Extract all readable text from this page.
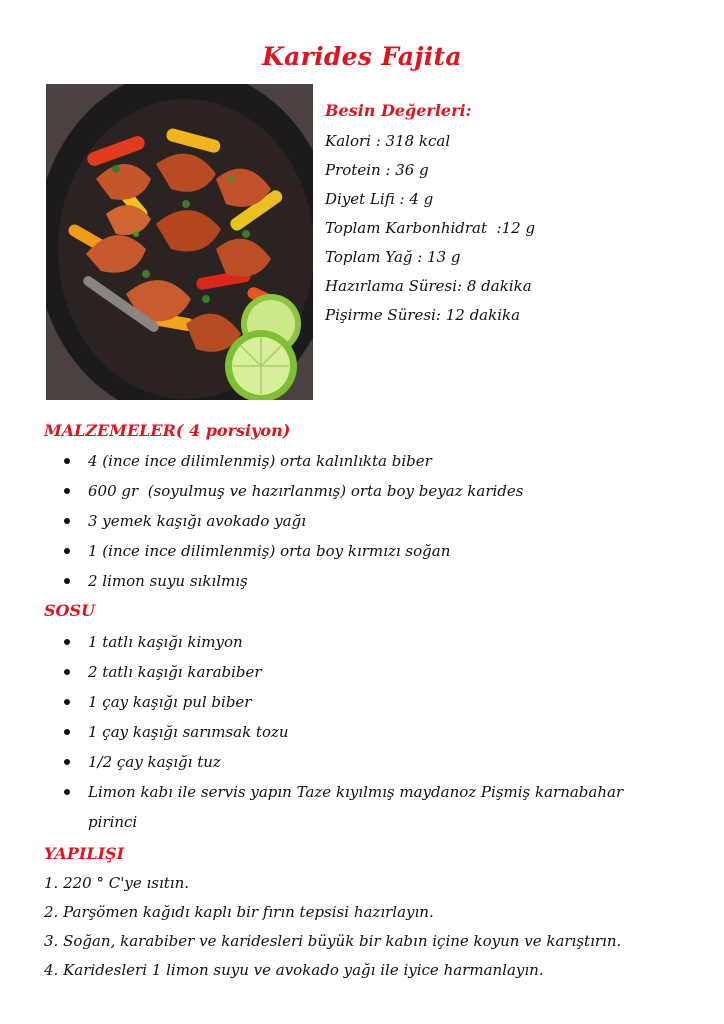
Karides Fajita
Besin Değerleri:
Kalori : 318 kcal
Protein : 36 g
Diyet Lifi : 4 g
Toplam Karbonhidrat  :12 g
Toplam Yağ : 13 g
Hazırlama Süresi: 8 dakika
Pişirme Süresi: 12 dakika
MALZEMELER( 4 porsiyon)
4 (ince ince dilimlenmiş) orta kalınlıkta biber
600 gr  (soyulmuş ve hazırlanmış) orta boy beyaz karides
3 yemek kaşığı avokado yağı
1 (ince ince dilimlenmiş) orta boy kırmızı soğan
2 limon suyu sıkılmış
SOSU
1 tatlı kaşığı kimyon
2 tatlı kaşığı karabiber
1 çay kaşığı pul biber
1 çay kaşığı sarımsak tozu
1/2 çay kaşığı tuz
Limon kabı ile servis yapın Taze kıyılmış maydanoz Pişmiş karnabahar pirinci
YAPILIŞI
1. 220 ° C'ye ısıtın.
2. Parşömen kağıdı kaplı bir fırın tepsisi hazırlayın.
3. Soğan, karabiber ve karidesleri büyük bir kabın içine koyun ve karıştırın.
4. Karidesleri 1 limon suyu ve avokado yağı ile iyice harmanlayın.
